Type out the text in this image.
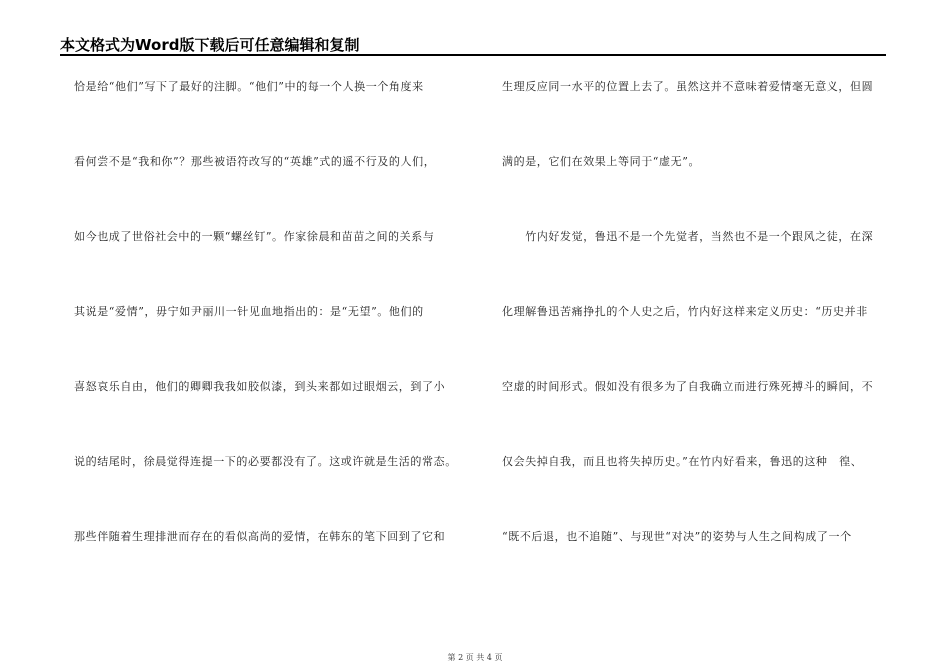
本文格式为Word版下载后可任意编辑和复制
恰是给“他们”写下了最好的注脚。“他们”中的每一个人换一个角度来
看何尝不是“我和你”？那些被语符改写的“英雄”式的遥不行及的人们，
如今也成了世俗社会中的一颗“螺丝钉”。作家徐晨和苗苗之间的关系与
其说是“爱情”，毋宁如尹丽川一针见血地指出的：是“无望”。他们的
喜怒哀乐自由，他们的卿卿我我如胶似漆，到头来都如过眼烟云，到了小
说的结尾时，徐晨觉得连提一下的必要都没有了。这或许就是生活的常态。
那些伴随着生理排泄而存在的看似高尚的爱情，在韩东的笔下回到了它和
生理反应同一水平的位置上去了。虽然这并不意味着爱情毫无意义，但圆
满的是，它们在效果上等同于“虚无”。
　　竹内好发觉，鲁迅不是一个先觉者，当然也不是一个跟风之徒，在深
化理解鲁迅苦痛挣扎的个人史之后，竹内好这样来定义历史：“历史并非
空虚的时间形式。假如没有很多为了自我确立而进行殊死搏斗的瞬间，不
仅会失掉自我，而且也将失掉历史。”在竹内好看来，鲁迅的这种　徨、
“既不后退，也不追随”、与现世“对决”的姿势与人生之间构成了一个
第 2 页 共 4 页
